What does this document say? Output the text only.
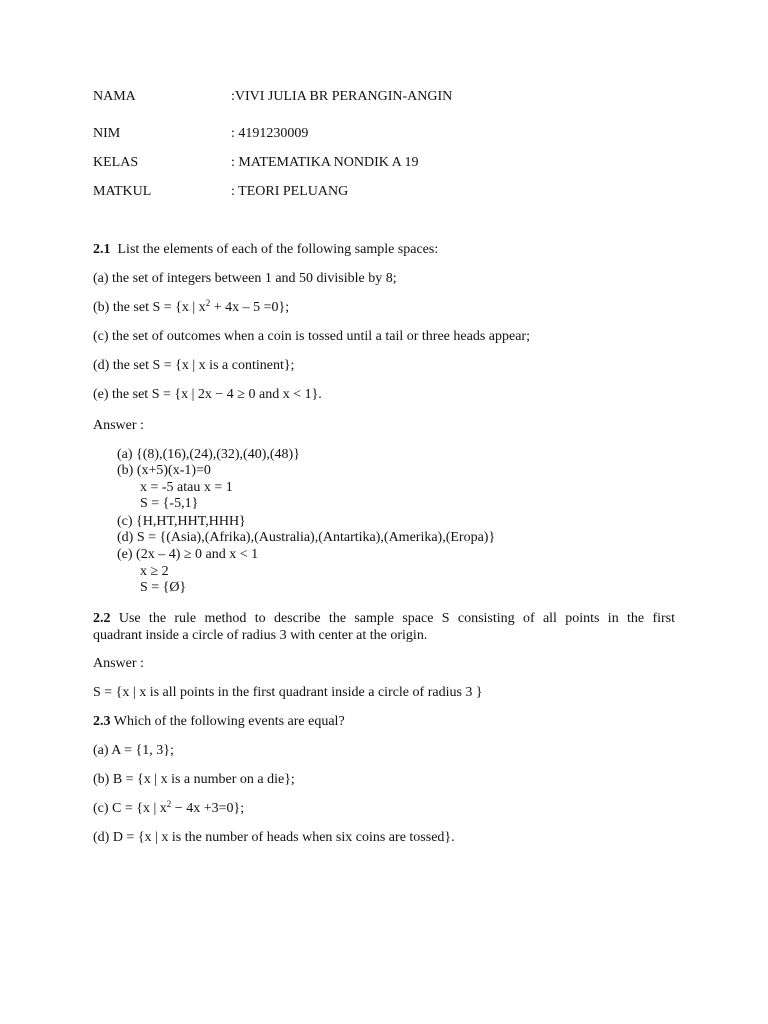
NAMA	:VIVI JULIA BR PERANGIN-ANGIN
NIM	: 4191230009
KELAS	: MATEMATIKA NONDIK A 19
MATKUL	: TEORI PELUANG
2.1 List the elements of each of the following sample spaces:
(a) the set of integers between 1 and 50 divisible by 8;
(b) the set S = {x | $x^2 + 4x - 5 =0$};
(c) the set of outcomes when a coin is tossed until a tail or three heads appear;
(d) the set S = {x | x is a continent};
(e) the set S = {x | 2x − 4 ≥ 0 and x < 1}.
Answer :
(a) {(8),(16),(24),(32),(40),(48)}
(b) (x+5)(x-1)=0
x = -5 atau x = 1
S = {-5,1}
(c) {H,HT,HHT,HHH}
(d) S = {(Asia),(Afrika),(Australia),(Antartika),(Amerika),(Eropa)}
(e) (2x – 4) ≥ 0 and x < 1
x ≥ 2
S = {Ø}
2.2 Use the rule method to describe the sample space S consisting of all points in the first
quadrant inside a circle of radius 3 with center at the origin.
Answer :
S = {x | x is all points in the first quadrant inside a circle of radius 3 }
2.3 Which of the following events are equal?
(a) A = {1, 3};
(b) B = {x | x is a number on a die};
(c) C = {x | $x^2 - 4x +3=0$};
(d) D = {x | x is the number of heads when six coins are tossed}.
